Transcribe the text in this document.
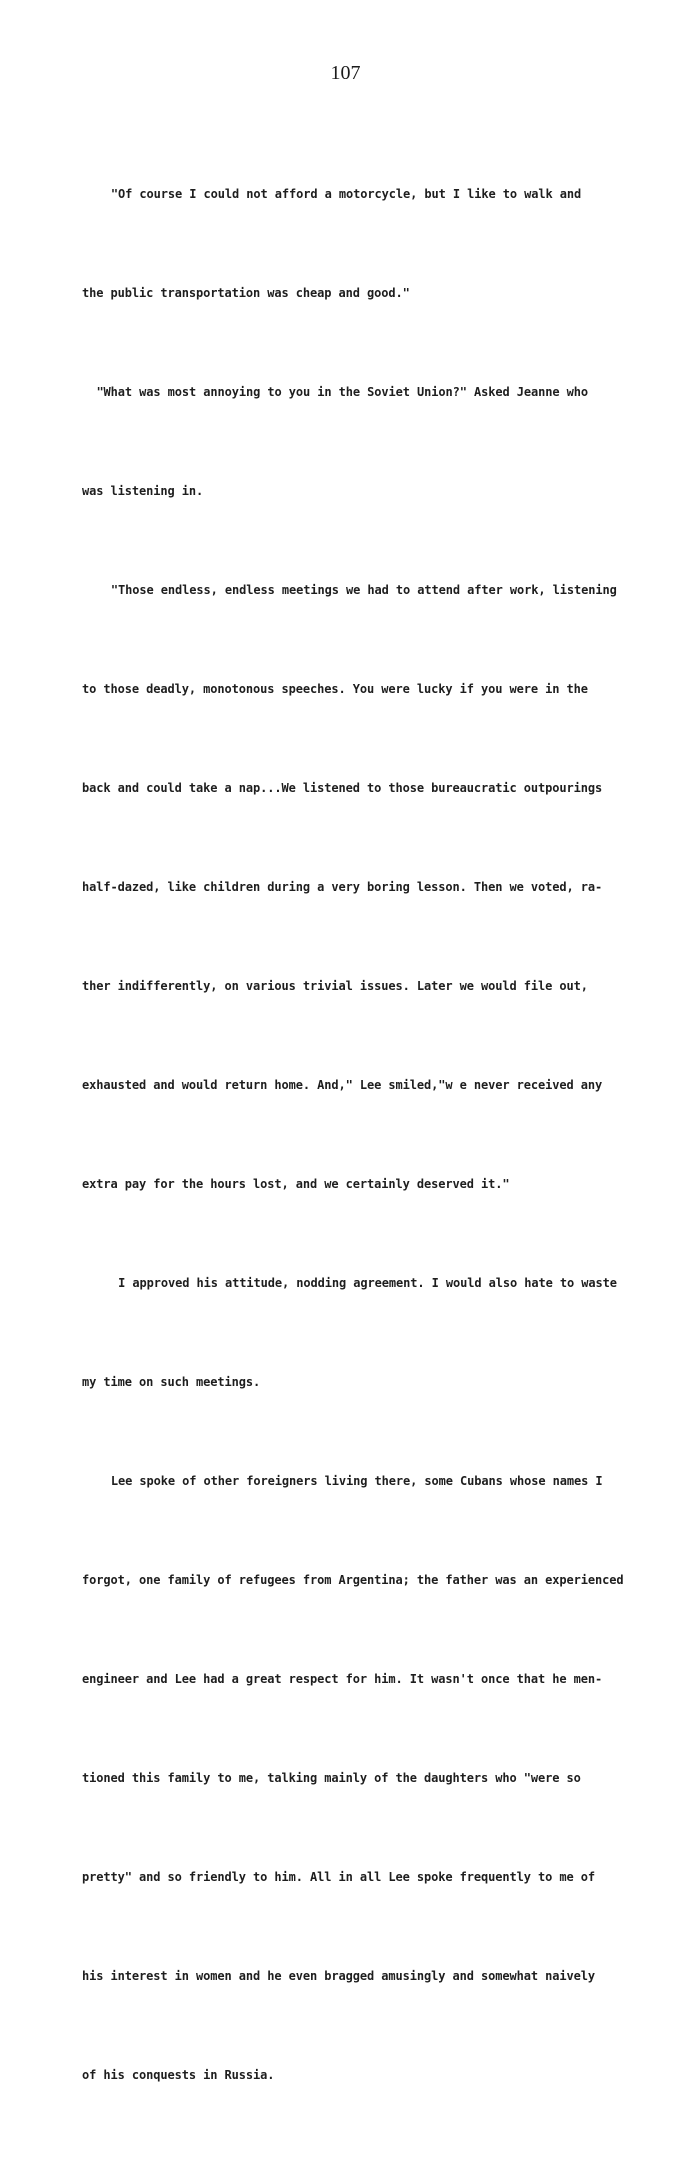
107

"Of course I could not afford a motorcycle, but I like to walk and

the public transportation was cheap and good."

"What was most annoying to you in the Soviet Union?" Asked Jeanne who

was listening in.

"Those endless, endless meetings we had to attend after work, listening

to those deadly, monotonous speeches. You were lucky if you were in the

back and could take a nap...We listened to those bureaucratic outpourings

half-dazed, like children during a very boring lesson. Then we voted, ra-

ther indifferently, on various trivial issues. Later we would file out,

exhausted and would return home. And," Lee smiled,"w e never received any

extra pay for the hours lost, and we certainly deserved it."

I approved his attitude, nodding agreement. I would also hate to waste

my time on such meetings.

Lee spoke of other foreigners living there, some Cubans whose names I

forgot, one family of refugees from Argentina; the father was an experienced

engineer and Lee had a great respect for him. It wasn't once that he men-

tioned this family to me, talking mainly of the daughters who "were so

pretty" and so friendly to him. All in all Lee spoke frequently to me of

his interest in women and he even bragged amusingly and somewhat naively

of his conquests in Russia.
